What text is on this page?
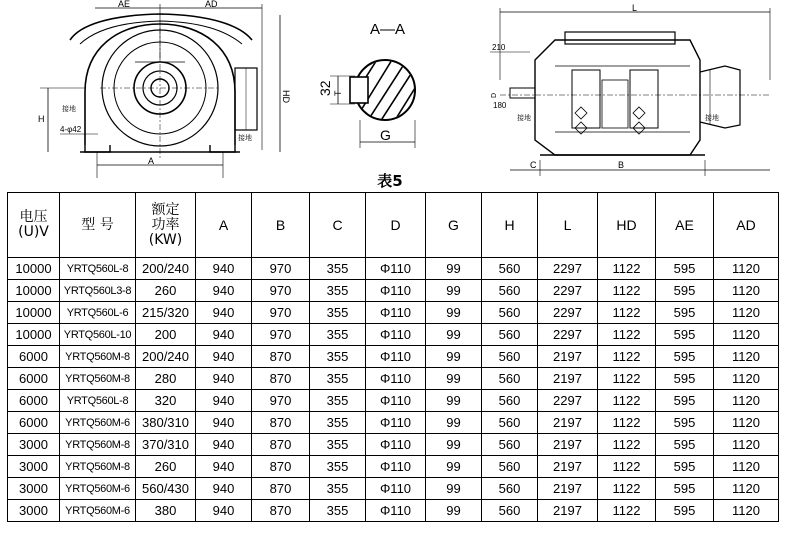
AE	AD
A
H
HD
4-φ42
接地
接地
A—A
32 T
G
L
210
180
D
C	B
接地	接地
表5
电压
(U)V	型 号	额定
功率
(KW)	A	B	C	D	G	H	L	HD	AE	AD
10000	YRTQ560L-8	200/240	940	970	355	Φ110	99	560	2297	1122	595	1120
10000	YRTQ560L3-8	260	940	970	355	Φ110	99	560	2297	1122	595	1120
10000	YRTQ560L-6	215/320	940	970	355	Φ110	99	560	2297	1122	595	1120
10000	YRTQ560L-10	200	940	970	355	Φ110	99	560	2297	1122	595	1120
6000	YRTQ560M-8	200/240	940	870	355	Φ110	99	560	2197	1122	595	1120
6000	YRTQ560M-8	280	940	870	355	Φ110	99	560	2197	1122	595	1120
6000	YRTQ560L-8	320	940	970	355	Φ110	99	560	2297	1122	595	1120
6000	YRTQ560M-6	380/310	940	870	355	Φ110	99	560	2197	1122	595	1120
3000	YRTQ560M-8	370/310	940	870	355	Φ110	99	560	2197	1122	595	1120
3000	YRTQ560M-8	260	940	870	355	Φ110	99	560	2197	1122	595	1120
3000	YRTQ560M-6	560/430	940	870	355	Φ110	99	560	2197	1122	595	1120
3000	YRTQ560M-6	380	940	870	355	Φ110	99	560	2197	1122	595	1120
